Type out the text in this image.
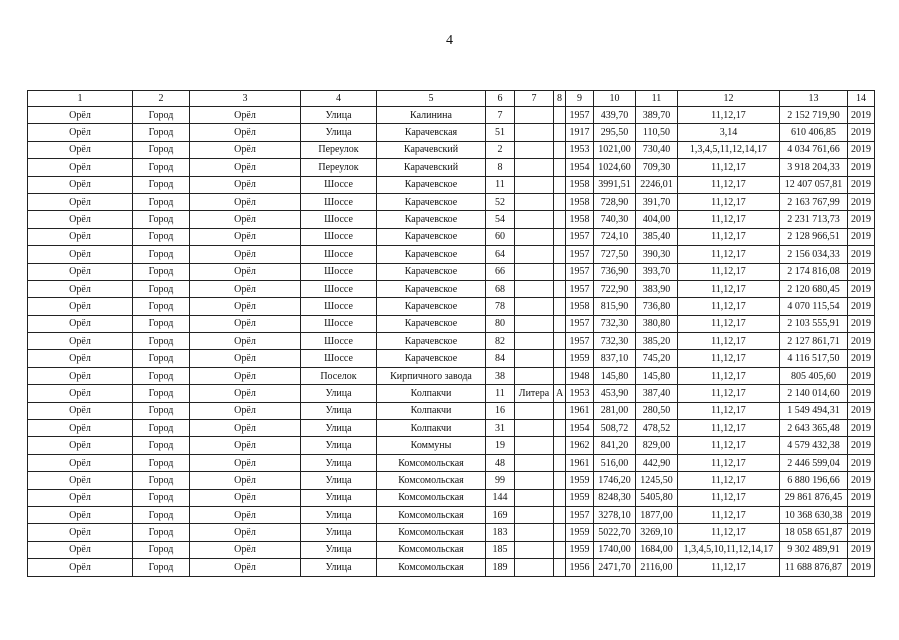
4
1	2	3	4	5	6	7	8	9	10	11	12	13	14
Орёл	Город	Орёл	Улица	Калинина	7			1957	439,70	389,70	11,12,17	2 152 719,90	2019
Орёл	Город	Орёл	Улица	Карачевская	51			1917	295,50	110,50	3,14	610 406,85	2019
Орёл	Город	Орёл	Переулок	Карачевский	2			1953	1021,00	730,40	1,3,4,5,11,12,14,17	4 034 761,66	2019
Орёл	Город	Орёл	Переулок	Карачевский	8			1954	1024,60	709,30	11,12,17	3 918 204,33	2019
Орёл	Город	Орёл	Шоссе	Карачевское	11			1958	3991,51	2246,01	11,12,17	12 407 057,81	2019
Орёл	Город	Орёл	Шоссе	Карачевское	52			1958	728,90	391,70	11,12,17	2 163 767,99	2019
Орёл	Город	Орёл	Шоссе	Карачевское	54			1958	740,30	404,00	11,12,17	2 231 713,73	2019
Орёл	Город	Орёл	Шоссе	Карачевское	60			1957	724,10	385,40	11,12,17	2 128 966,51	2019
Орёл	Город	Орёл	Шоссе	Карачевское	64			1957	727,50	390,30	11,12,17	2 156 034,33	2019
Орёл	Город	Орёл	Шоссе	Карачевское	66			1957	736,90	393,70	11,12,17	2 174 816,08	2019
Орёл	Город	Орёл	Шоссе	Карачевское	68			1957	722,90	383,90	11,12,17	2 120 680,45	2019
Орёл	Город	Орёл	Шоссе	Карачевское	78			1958	815,90	736,80	11,12,17	4 070 115,54	2019
Орёл	Город	Орёл	Шоссе	Карачевское	80			1957	732,30	380,80	11,12,17	2 103 555,91	2019
Орёл	Город	Орёл	Шоссе	Карачевское	82			1957	732,30	385,20	11,12,17	2 127 861,71	2019
Орёл	Город	Орёл	Шоссе	Карачевское	84			1959	837,10	745,20	11,12,17	4 116 517,50	2019
Орёл	Город	Орёл	Поселок	Кирпичного завода	38			1948	145,80	145,80	11,12,17	805 405,60	2019
Орёл	Город	Орёл	Улица	Колпакчи	11	Литера	А	1953	453,90	387,40	11,12,17	2 140 014,60	2019
Орёл	Город	Орёл	Улица	Колпакчи	16			1961	281,00	280,50	11,12,17	1 549 494,31	2019
Орёл	Город	Орёл	Улица	Колпакчи	31			1954	508,72	478,52	11,12,17	2 643 365,48	2019
Орёл	Город	Орёл	Улица	Коммуны	19			1962	841,20	829,00	11,12,17	4 579 432,38	2019
Орёл	Город	Орёл	Улица	Комсомольская	48			1961	516,00	442,90	11,12,17	2 446 599,04	2019
Орёл	Город	Орёл	Улица	Комсомольская	99			1959	1746,20	1245,50	11,12,17	6 880 196,66	2019
Орёл	Город	Орёл	Улица	Комсомольская	144			1959	8248,30	5405,80	11,12,17	29 861 876,45	2019
Орёл	Город	Орёл	Улица	Комсомольская	169			1957	3278,10	1877,00	11,12,17	10 368 630,38	2019
Орёл	Город	Орёл	Улица	Комсомольская	183			1959	5022,70	3269,10	11,12,17	18 058 651,87	2019
Орёл	Город	Орёл	Улица	Комсомольская	185			1959	1740,00	1684,00	1,3,4,5,10,11,12,14,17	9 302 489,91	2019
Орёл	Город	Орёл	Улица	Комсомольская	189			1956	2471,70	2116,00	11,12,17	11 688 876,87	2019
